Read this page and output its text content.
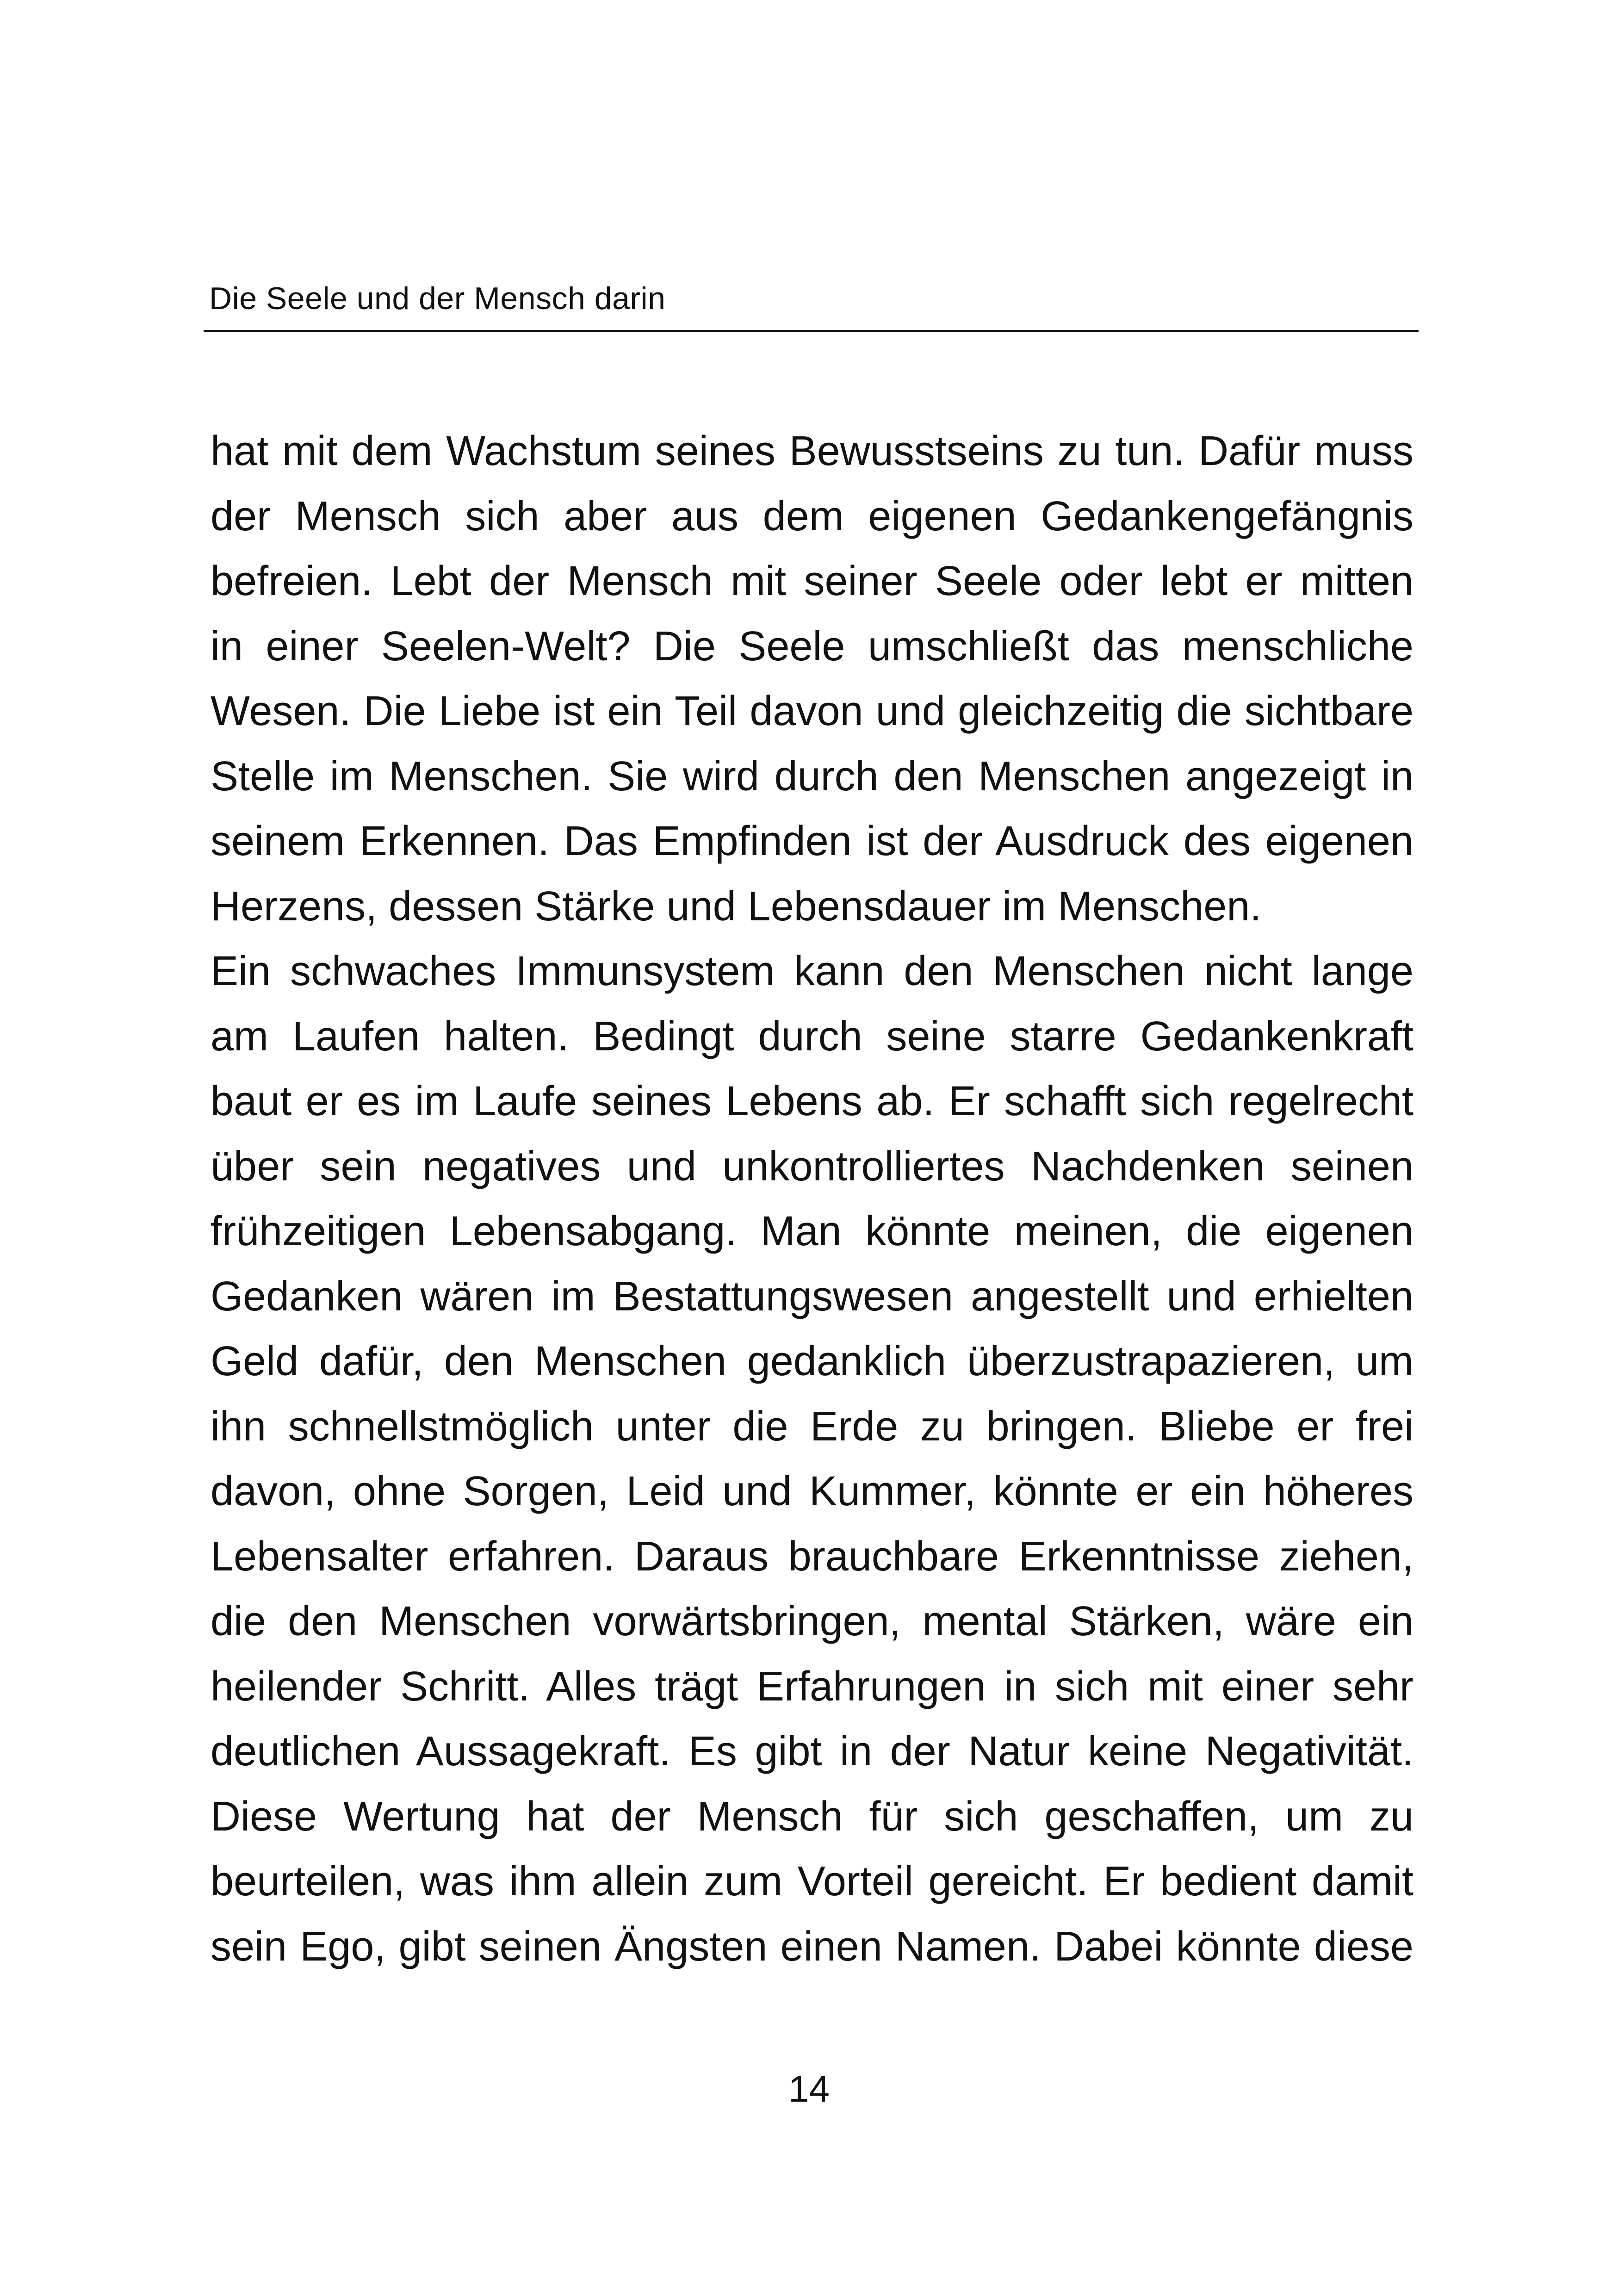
Die Seele und der Mensch darin
hat mit dem Wachstum seines Bewusstseins zu tun. Dafür muss
der Mensch sich aber aus dem eigenen Gedankengefängnis
befreien. Lebt der Mensch mit seiner Seele oder lebt er mitten
in einer Seelen-Welt? Die Seele umschließt das menschliche
Wesen. Die Liebe ist ein Teil davon und gleichzeitig die sichtbare
Stelle im Menschen. Sie wird durch den Menschen angezeigt in
seinem Erkennen. Das Empfinden ist der Ausdruck des eigenen
Herzens, dessen Stärke und Lebensdauer im Menschen.
Ein schwaches Immunsystem kann den Menschen nicht lange
am Laufen halten. Bedingt durch seine starre Gedankenkraft
baut er es im Laufe seines Lebens ab. Er schafft sich regelrecht
über sein negatives und unkontrolliertes Nachdenken seinen
frühzeitigen Lebensabgang. Man könnte meinen, die eigenen
Gedanken wären im Bestattungswesen angestellt und erhielten
Geld dafür, den Menschen gedanklich überzustrapazieren, um
ihn schnellstmöglich unter die Erde zu bringen. Bliebe er frei
davon, ohne Sorgen, Leid und Kummer, könnte er ein höheres
Lebensalter erfahren. Daraus brauchbare Erkenntnisse ziehen,
die den Menschen vorwärtsbringen, mental Stärken, wäre ein
heilender Schritt. Alles trägt Erfahrungen in sich mit einer sehr
deutlichen Aussagekraft. Es gibt in der Natur keine Negativität.
Diese Wertung hat der Mensch für sich geschaffen, um zu
beurteilen, was ihm allein zum Vorteil gereicht. Er bedient damit
sein Ego, gibt seinen Ängsten einen Namen. Dabei könnte diese
14
